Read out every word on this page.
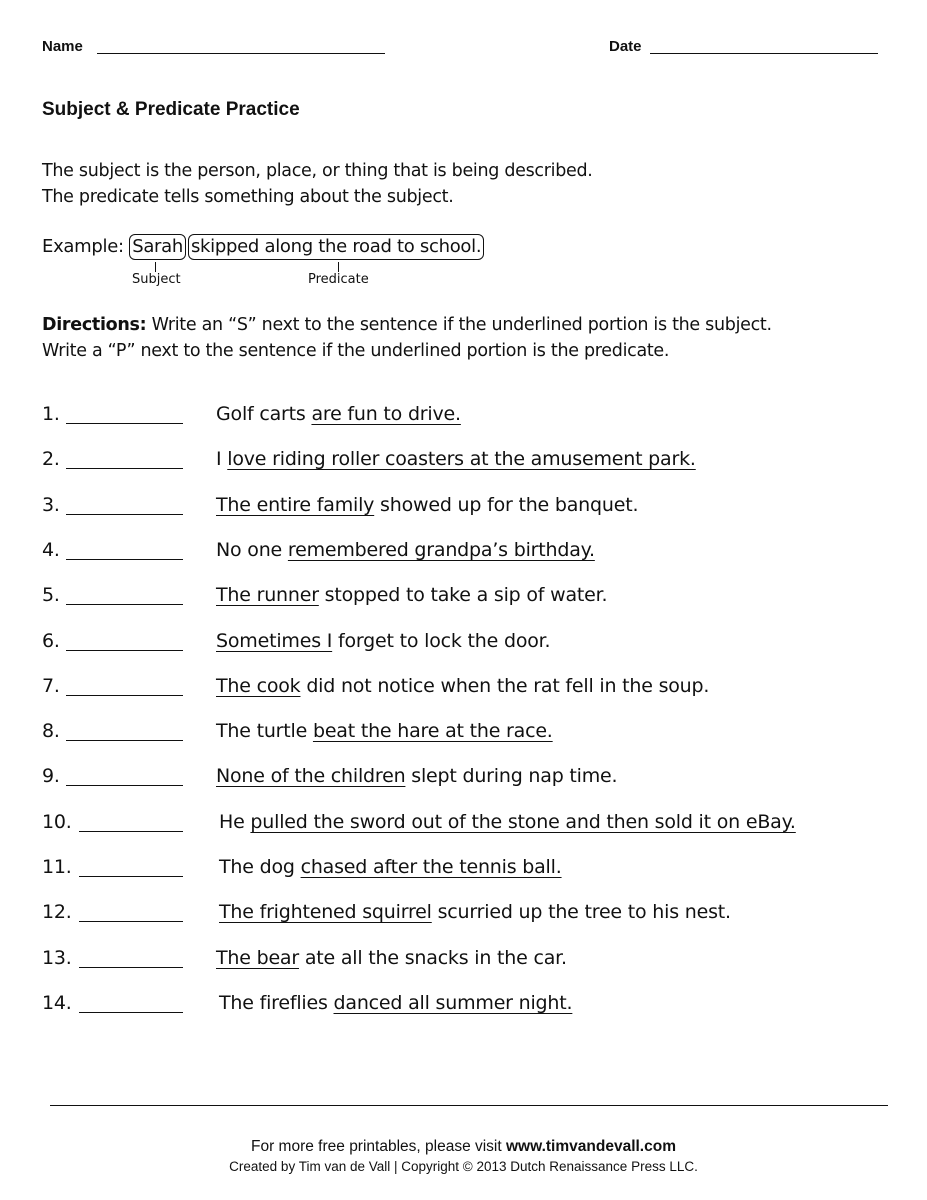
Name	Date
Subject & Predicate Practice
The subject is the person, place, or thing that is being described.
The predicate tells something about the subject.
Example: Sarah skipped along the road to school.
Subject	Predicate
Directions: Write an “S” next to the sentence if the underlined portion is the subject.
Write a “P” next to the sentence if the underlined portion is the predicate.
1.	Golf carts are fun to drive.
2.	I love riding roller coasters at the amusement park.
3.	The entire family showed up for the banquet.
4.	No one remembered grandpa’s birthday.
5.	The runner stopped to take a sip of water.
6.	Sometimes I forget to lock the door.
7.	The cook did not notice when the rat fell in the soup.
8.	The turtle beat the hare at the race.
9.	None of the children slept during nap time.
10.	He pulled the sword out of the stone and then sold it on eBay.
11.	The dog chased after the tennis ball.
12.	The frightened squirrel scurried up the tree to his nest.
13.	The bear ate all the snacks in the car.
14.	The fireflies danced all summer night.
For more free printables, please visit www.timvandevall.com
Created by Tim van de Vall | Copyright © 2013 Dutch Renaissance Press LLC.
